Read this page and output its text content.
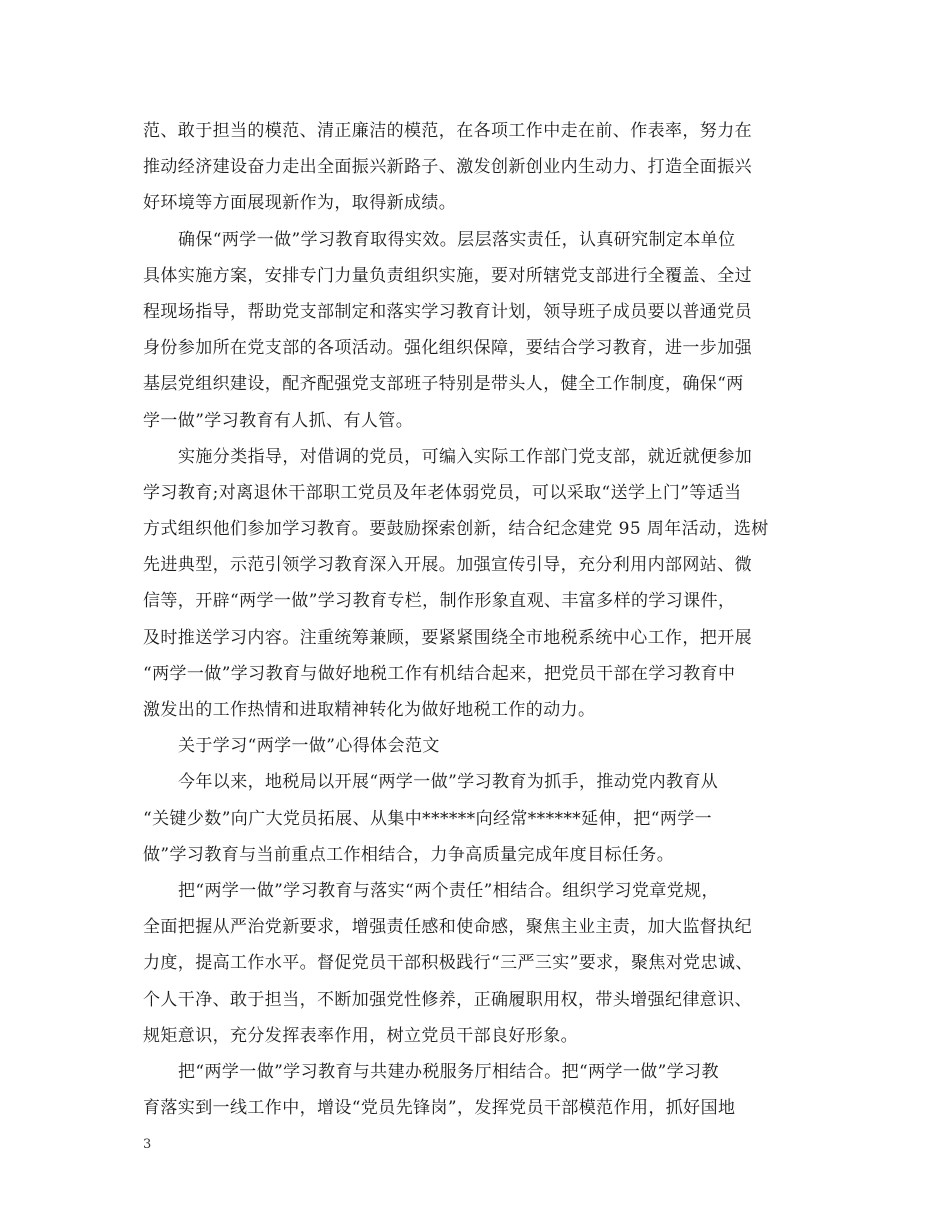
范、敢于担当的模范、清正廉洁的模范，在各项工作中走在前、作表率，努力在
推动经济建设奋力走出全面振兴新路子、激发创新创业内生动力、打造全面振兴
好环境等方面展现新作为，取得新成绩。
确保“两学一做”学习教育取得实效。层层落实责任，认真研究制定本单位
具体实施方案，安排专门力量负责组织实施，要对所辖党支部进行全覆盖、全过
程现场指导，帮助党支部制定和落实学习教育计划，领导班子成员要以普通党员
身份参加所在党支部的各项活动。强化组织保障，要结合学习教育，进一步加强
基层党组织建设，配齐配强党支部班子特别是带头人，健全工作制度，确保“两
学一做”学习教育有人抓、有人管。
实施分类指导，对借调的党员，可编入实际工作部门党支部，就近就便参加
学习教育;对离退休干部职工党员及年老体弱党员，可以采取“送学上门”等适当
方式组织他们参加学习教育。要鼓励探索创新，结合纪念建党 95 周年活动，选树
先进典型，示范引领学习教育深入开展。加强宣传引导，充分利用内部网站、微
信等，开辟“两学一做”学习教育专栏，制作形象直观、丰富多样的学习课件，
及时推送学习内容。注重统筹兼顾，要紧紧围绕全市地税系统中心工作，把开展
“两学一做”学习教育与做好地税工作有机结合起来，把党员干部在学习教育中
激发出的工作热情和进取精神转化为做好地税工作的动力。
关于学习“两学一做”心得体会范文
今年以来，地税局以开展“两学一做”学习教育为抓手，推动党内教育从
“关键少数”向广大党员拓展、从集中******向经常******延伸，把“两学一
做”学习教育与当前重点工作相结合，力争高质量完成年度目标任务。
把“两学一做”学习教育与落实“两个责任”相结合。组织学习党章党规，
全面把握从严治党新要求，增强责任感和使命感，聚焦主业主责，加大监督执纪
力度，提高工作水平。督促党员干部积极践行“三严三实”要求，聚焦对党忠诚、
个人干净、敢于担当，不断加强党性修养，正确履职用权，带头增强纪律意识、
规矩意识，充分发挥表率作用，树立党员干部良好形象。
把“两学一做”学习教育与共建办税服务厅相结合。把“两学一做”学习教
育落实到一线工作中，增设“党员先锋岗”，发挥党员干部模范作用，抓好国地
3
